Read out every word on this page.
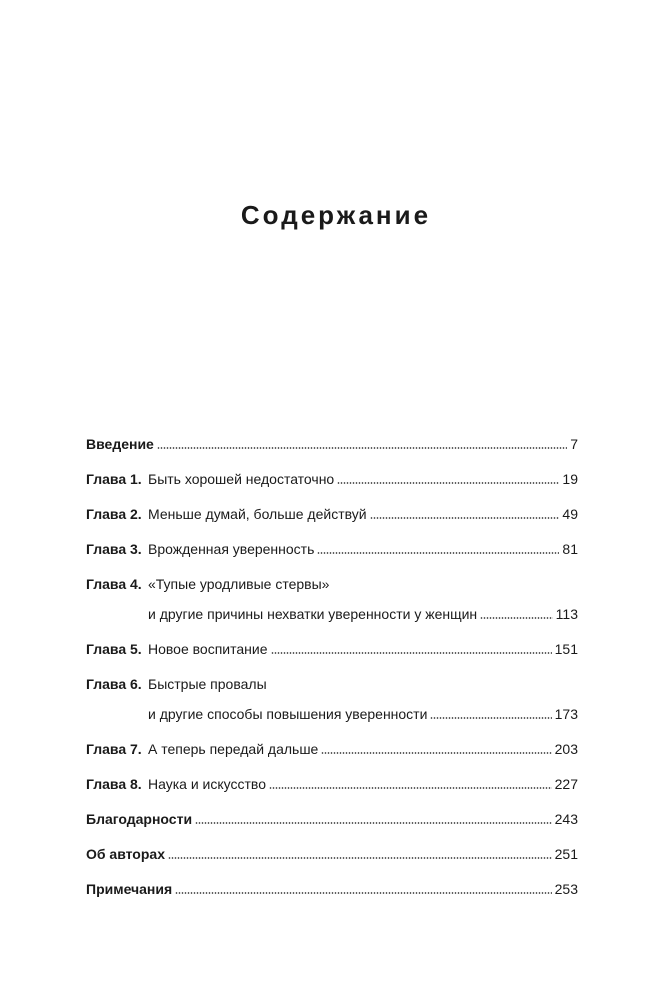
Содержание
Введение	7
Глава 1. Быть хорошей недостаточно	19
Глава 2. Меньше думай, больше действуй	49
Глава 3. Врожденная уверенность	81
Глава 4. «Тупые уродливые стервы»
и другие причины нехватки уверенности у женщин	113
Глава 5. Новое воспитание	151
Глава 6. Быстрые провалы
и другие способы повышения уверенности	173
Глава 7. А теперь передай дальше	203
Глава 8. Наука и искусство	227
Благодарности	243
Об авторах	251
Примечания	253
